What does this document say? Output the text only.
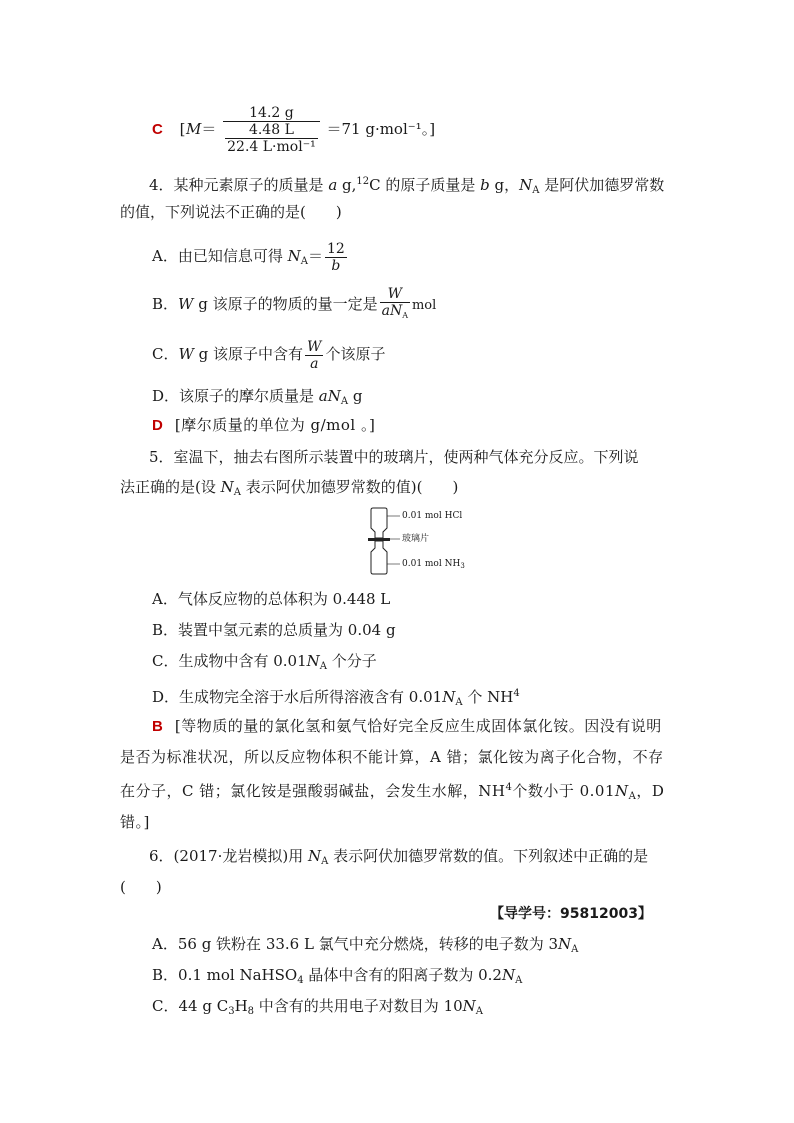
C [$M= \frac{14.2 g}{\frac{4.48 L}{\text{22.4 L·mol⁻¹}}} =71$ g·mol⁻¹。]
4．某种元素原子的质量是 a g,$^{12}$C 的原子质量是 b g，$N_A$ 是阿伏加德罗常数
的值，下列说法不正确的是(　　)
A．由已知信息可得 $N_A= \frac{12}{b}$
B．W g 该原子的物质的量一定是 $\frac{W}{aN_A}$ mol
C．W g 该原子中含有 $\frac{W}{a}$ 个该原子
D．该原子的摩尔质量是 $aN_A$ g
D [摩尔质量的单位为 g/mol 。]
5．室温下，抽去右图所示装置中的玻璃片，使两种气体充分反应。下列说
法正确的是(设 $N_A$ 表示阿伏加德罗常数的值)(　　)
0.01 mol HCl
玻璃片
0.01 mol $NH_3$
A．气体反应物的总体积为 0.448 L
B．装置中氢元素的总质量为 0.04 g
C．生成物中含有 $0.01N_A$ 个分子
D．生成物完全溶于水后所得溶液含有 $0.01N_A$ 个 $NH^4$
B [等物质的量的氯化氢和氨气恰好完全反应生成固体氯化铵。因没有说明
是否为标准状况，所以反应物体积不能计算，A 错；氯化铵为离子化合物，不存
在分子，C 错；氯化铵是强酸弱碱盐，会发生水解，$NH^4$个数小于 $0.01N_A$，D
错。]
6．(2017·龙岩模拟)用 $N_A$ 表示阿伏加德罗常数的值。下列叙述中正确的是
(　　)
【导学号：95812003】
A．56 g 铁粉在 33.6 L 氯气中充分燃烧，转移的电子数为 $3N_A$
B．0.1 mol NaHSO$_4$ 晶体中含有的阳离子数为 $0.2N_A$
C．44 g $C_3H_8$ 中含有的共用电子对数目为 $10N_A$
